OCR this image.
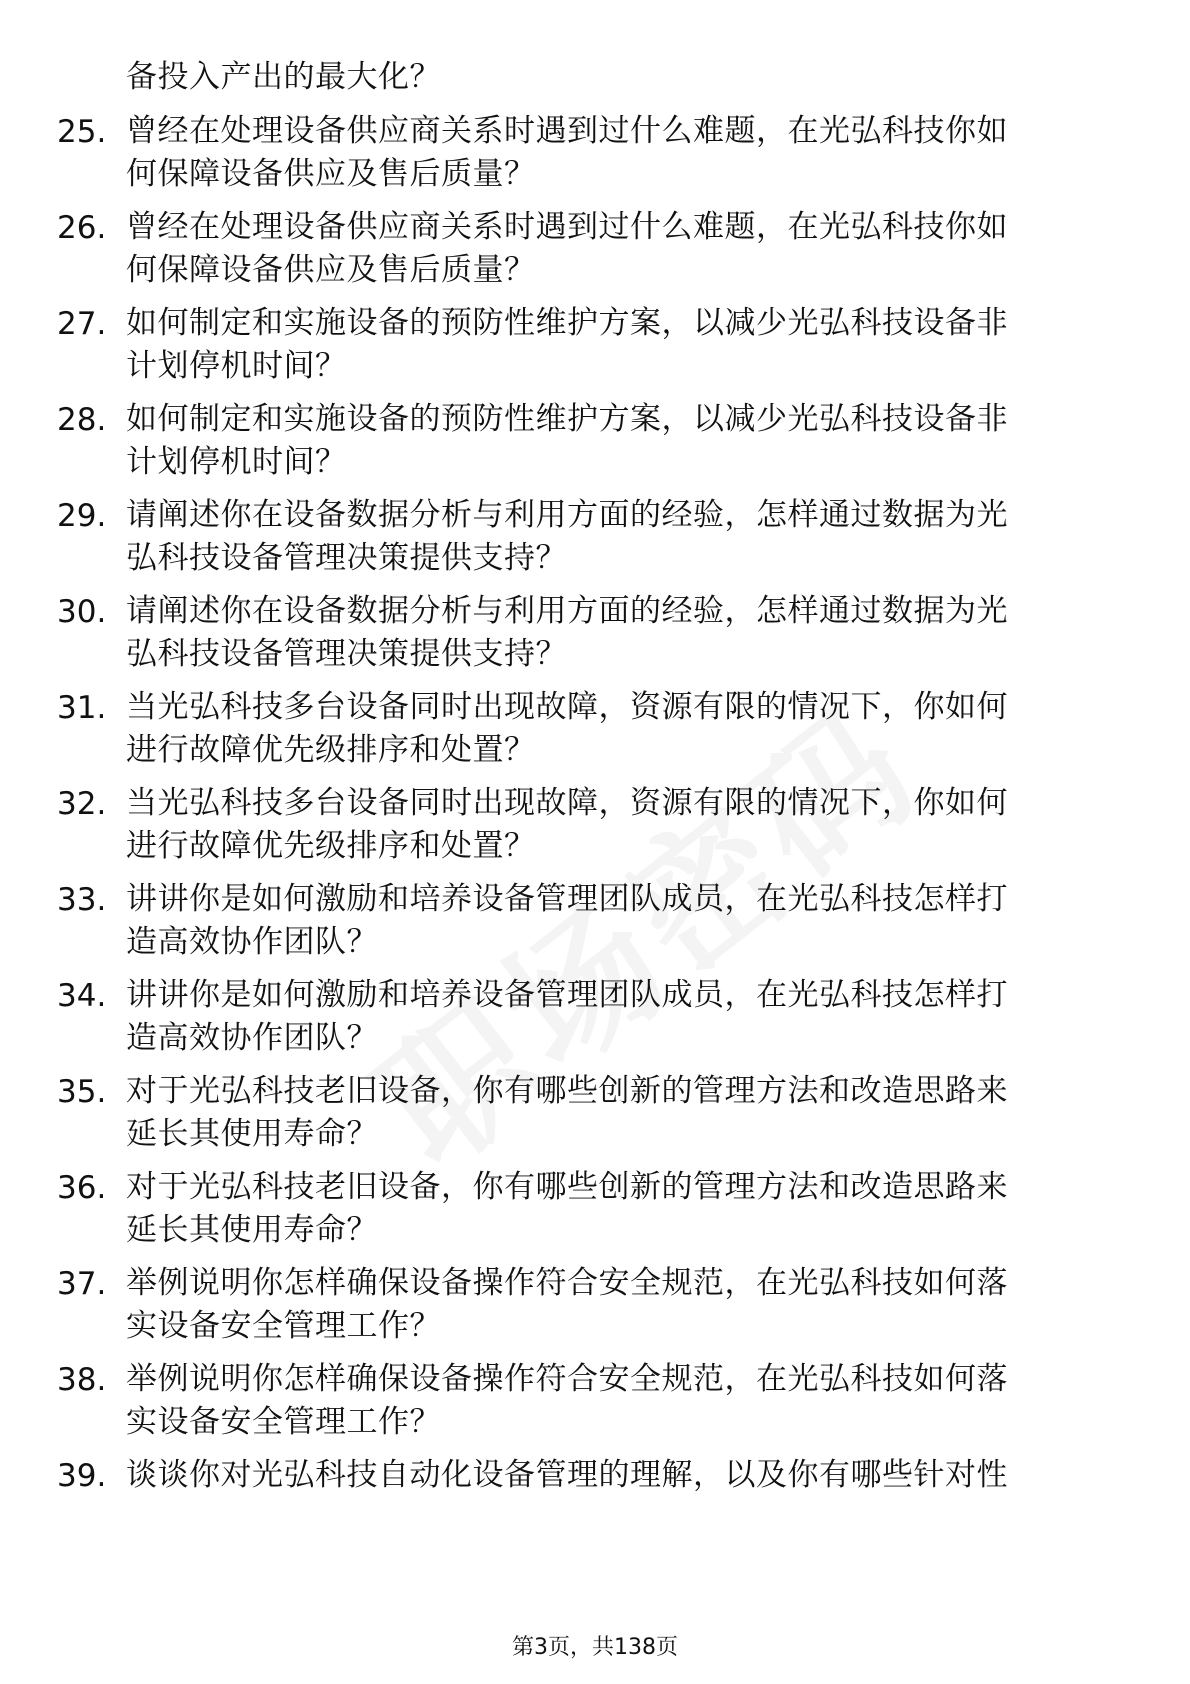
备投入产出的最大化？
25. 曾经在处理设备供应商关系时遇到过什么难题，在光弘科技你如
何保障设备供应及售后质量？
26. 曾经在处理设备供应商关系时遇到过什么难题，在光弘科技你如
何保障设备供应及售后质量？
27. 如何制定和实施设备的预防性维护方案，以减少光弘科技设备非
计划停机时间？
28. 如何制定和实施设备的预防性维护方案，以减少光弘科技设备非
计划停机时间？
29. 请阐述你在设备数据分析与利用方面的经验，怎样通过数据为光
弘科技设备管理决策提供支持？
30. 请阐述你在设备数据分析与利用方面的经验，怎样通过数据为光
弘科技设备管理决策提供支持？
31. 当光弘科技多台设备同时出现故障，资源有限的情况下，你如何
进行故障优先级排序和处置？
32. 当光弘科技多台设备同时出现故障，资源有限的情况下，你如何
进行故障优先级排序和处置？
33. 讲讲你是如何激励和培养设备管理团队成员，在光弘科技怎样打
造高效协作团队？
34. 讲讲你是如何激励和培养设备管理团队成员，在光弘科技怎样打
造高效协作团队？
35. 对于光弘科技老旧设备，你有哪些创新的管理方法和改造思路来
延长其使用寿命？
36. 对于光弘科技老旧设备，你有哪些创新的管理方法和改造思路来
延长其使用寿命？
37. 举例说明你怎样确保设备操作符合安全规范，在光弘科技如何落
实设备安全管理工作？
38. 举例说明你怎样确保设备操作符合安全规范，在光弘科技如何落
实设备安全管理工作？
39. 谈谈你对光弘科技自动化设备管理的理解，以及你有哪些针对性
第3页，共138页
